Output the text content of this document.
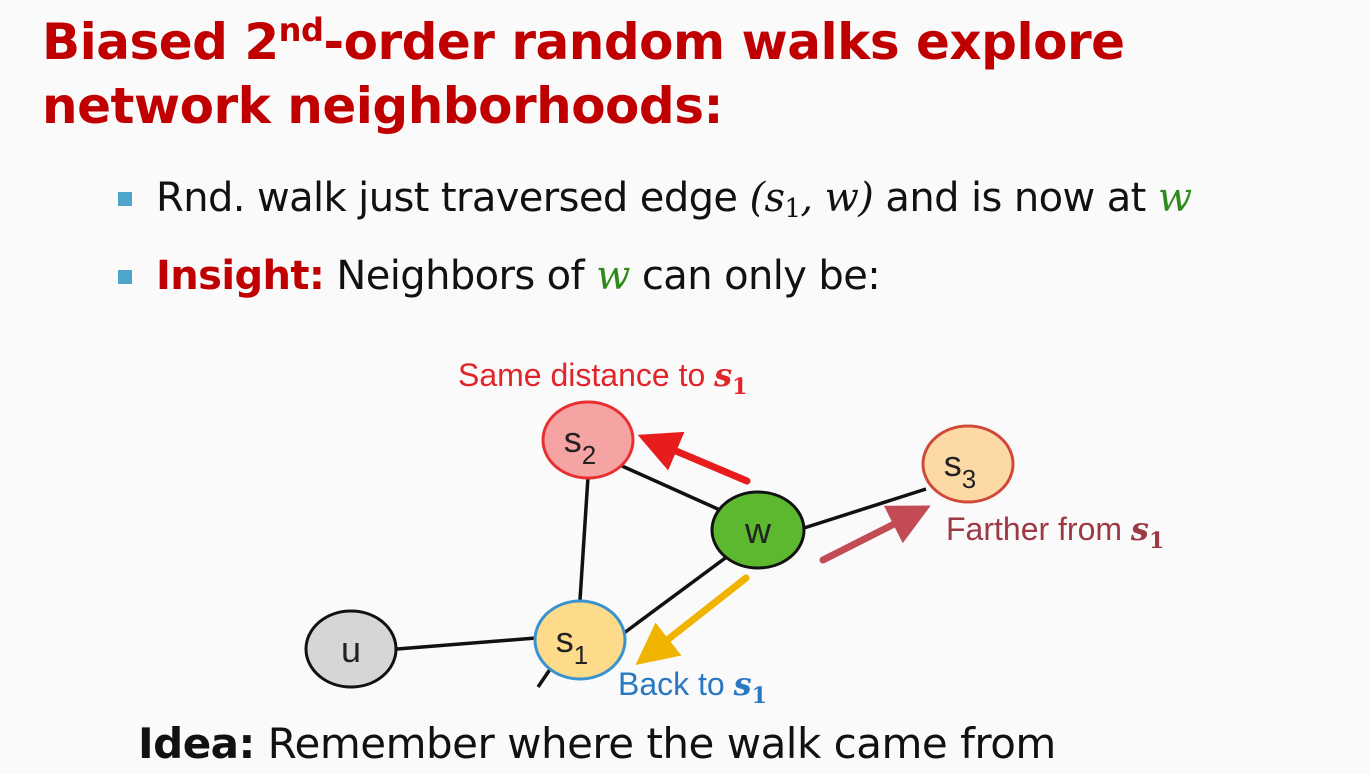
Biased 2nd-order random walks explore network neighborhoods:
Rnd. walk just traversed edge ($s_1$, w) and is now at w
Insight: Neighbors of w can only be:
u	$s_1$
$s_2$	$s_3$
w
Same distance to $s_1$
Farther from $s_1$
Back to $s_1$
Idea: Remember where the walk came from
